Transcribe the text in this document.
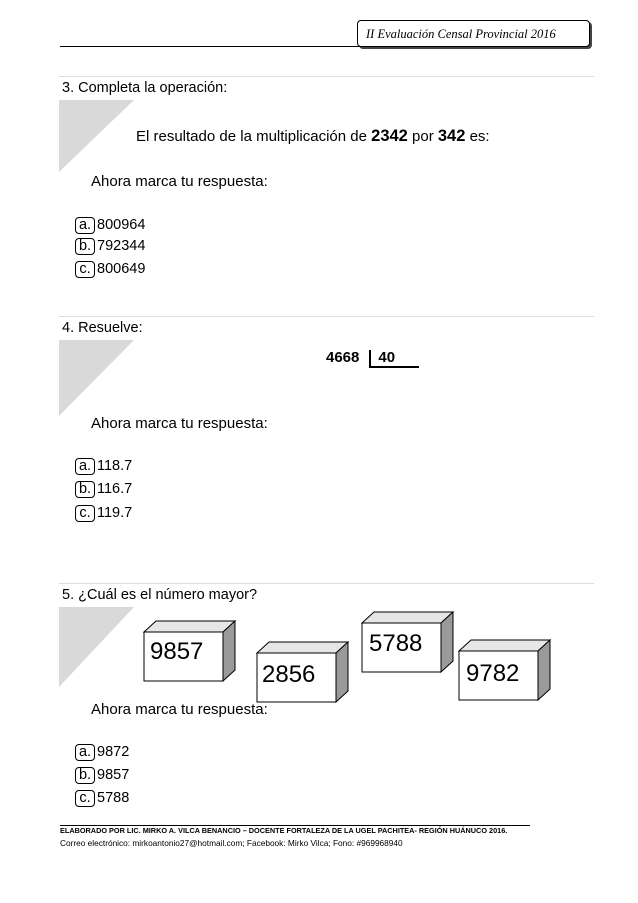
II Evaluación Censal Provincial 2016
3. Completa la operación:
El resultado de la multiplicación de 2342 por 342 es:
Ahora marca tu respuesta:
a. 800964
b. 792344
c. 800649
4. Resuelve:
4668 40
Ahora marca tu respuesta:
a. 118.7
b. 116.7
c. 119.7
5. ¿Cuál es el número mayor?
9857
2856
5788
9782
Ahora marca tu respuesta:
a. 9872
b. 9857
c. 5788
ELABORADO POR LIC. MIRKO A. VILCA BENANCIO – DOCENTE FORTALEZA DE LA UGEL PACHITEA- REGIÓN HUÁNUCO 2016.
Correo electrónico: mirkoantonio27@hotmail.com; Facebook: Mirko Vilca; Fono: #969968940
